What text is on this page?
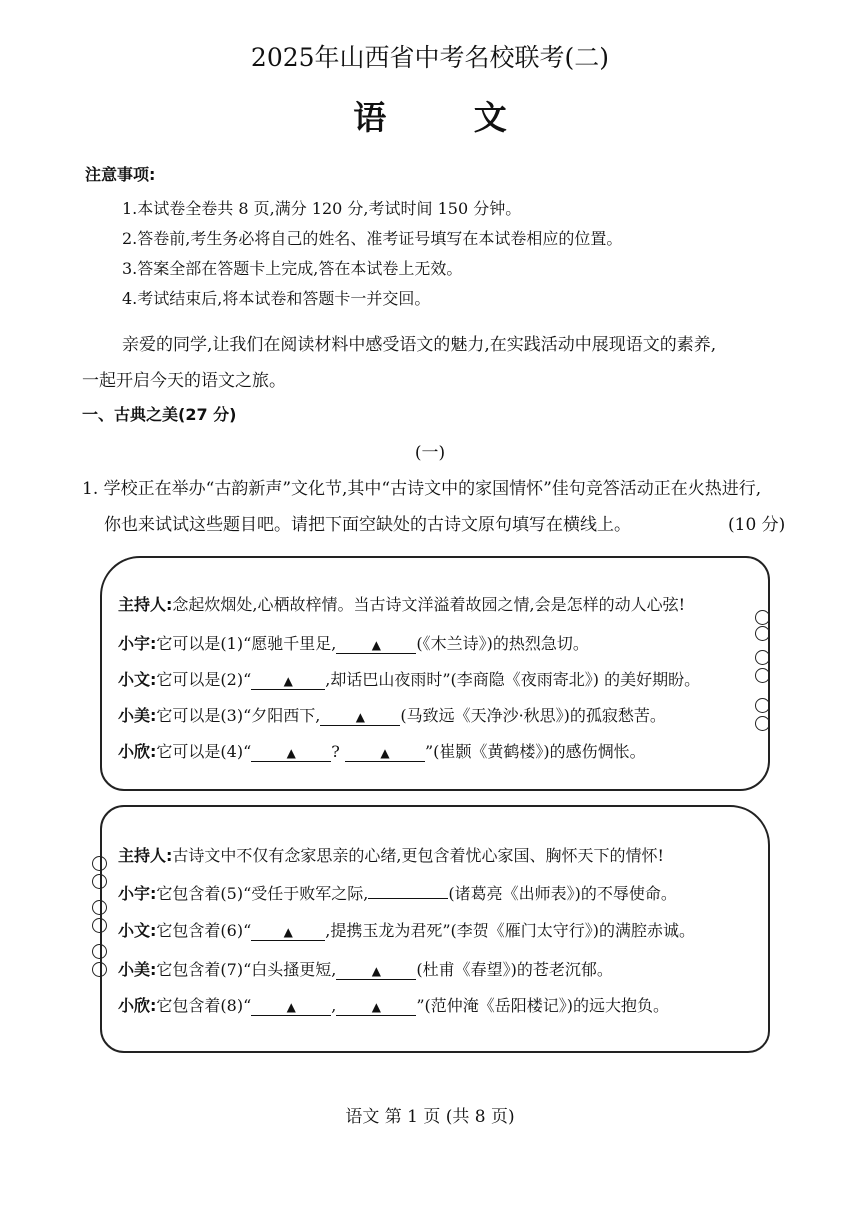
2025年山西省中考名校联考(二)
语 文
注意事项:
1.本试卷全卷共 8 页,满分 120 分,考试时间 150 分钟。
2.答卷前,考生务必将自己的姓名、准考证号填写在本试卷相应的位置。
3.答案全部在答题卡上完成,答在本试卷上无效。
4.考试结束后,将本试卷和答题卡一并交回。
亲爱的同学,让我们在阅读材料中感受语文的魅力,在实践活动中展现语文的素养,
一起开启今天的语文之旅。
一、古典之美(27 分)
(一)
1. 学校正在举办“古韵新声”文化节,其中“古诗文中的家国情怀”佳句竞答活动正在火热进行,
你也来试试这些题目吧。请把下面空缺处的古诗文原句填写在横线上。	(10 分)
主持人:念起炊烟处,心栖故梓情。当古诗文洋溢着故园之情,会是怎样的动人心弦!
小宇:它可以是(1)“愿驰千里足,	▲ (《木兰诗》)的热烈急切。
小文:它可以是(2)“	▲ ,却话巴山夜雨时”(李商隐《夜雨寄北》) 的美好期盼。
小美:它可以是(3)“夕阳西下,	▲ (马致远《天净沙·秋思》)的孤寂愁苦。
小欣:它可以是(4)“	▲ ?	▲ ”(崔颢《黄鹤楼》)的感伤惆怅。
主持人:古诗文中不仅有念家思亲的心绪,更包含着忧心家国、胸怀天下的情怀!
小宇:它包含着(5)“受任于败军之际,	(诸葛亮《出师表》)的不辱使命。
小文:它包含着(6)“	▲ ,提携玉龙为君死”(李贺《雁门太守行》)的满腔赤诚。
小美:它包含着(7)“白头搔更短,	▲ (杜甫《春望》)的苍老沉郁。
小欣:它包含着(8)“	▲ ,	▲ ”(范仲淹《岳阳楼记》)的远大抱负。
语文 第 1 页 (共 8 页)
